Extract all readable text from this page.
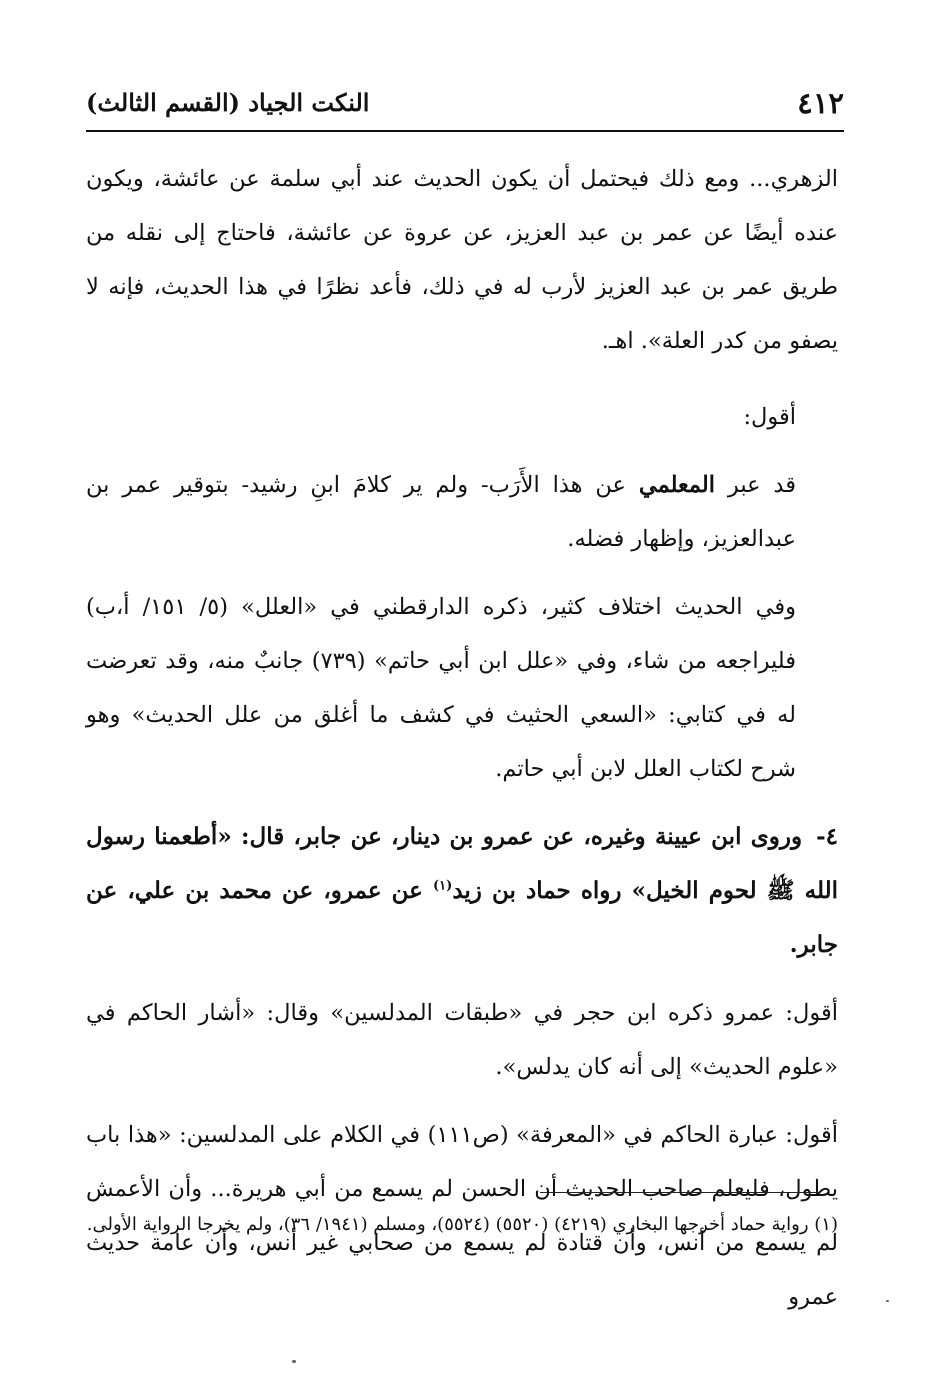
٤١٢
النكت الجياد (القسم الثالث)

الزهري... ومع ذلك فيحتمل أن يكون الحديث عند أبي سلمة عن عائشة، ويكون عنده أيضًا عن عمر بن عبد العزيز، عن عروة عن عائشة، فاحتاج إلى نقله من طريق عمر بن عبد العزيز لأرب له في ذلك، فأعد نظرًا في هذا الحديث، فإنه لا يصفو من كدر العلة». اهـ.

أقول:

قد عبر المعلمي عن هذا الأَرَب- ولم ير كلامَ ابنِ رشيد- بتوقير عمر بن عبدالعزيز، وإظهار فضله.

وفي الحديث اختلاف كثير، ذكره الدارقطني في «العلل» (٥/ ١٥١/ أ،ب) فليراجعه من شاء، وفي «علل ابن أبي حاتم» (٧٣٩) جانبٌ منه، وقد تعرضت له في كتابي: «السعي الحثيث في كشف ما أغلق من علل الحديث» وهو شرح لكتاب العلل لابن أبي حاتم.

٤-وروى ابن عيينة وغيره، عن عمرو بن دينار، عن جابر، قال: «أطعمنا رسول الله ﷺ لحوم الخيل» رواه حماد بن زيد$^{(١)}$ عن عمرو، عن محمد بن علي، عن جابر.

أقول: عمرو ذكره ابن حجر في «طبقات المدلسين» وقال: «أشار الحاكم في «علوم الحديث» إلى أنه كان يدلس».

أقول: عبارة الحاكم في «المعرفة» (ص١١١) في الكلام على المدلسين: «هذا باب يطول، فليعلم صاحب الحديث أن الحسن لم يسمع من أبي هريرة... وأن الأعمش لم يسمع من أنس، وأن قتادة لم يسمع من صحابي غير أنس، وأن عامة حديث عمرو

(١) رواية حماد أخرجها البخاري (٤٢١٩) (٥٥٢٠) (٥٥٢٤)، ومسلم (١٩٤١/ ٣٦)، ولم يخرجا الرواية الأولى.
